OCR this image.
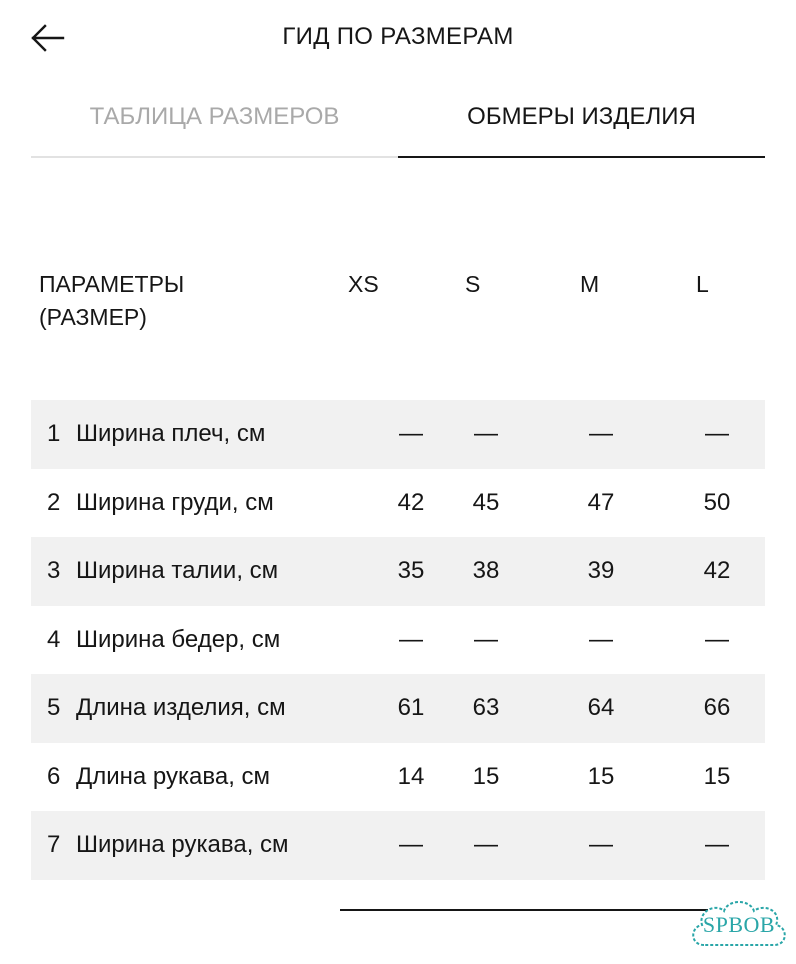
ГИД ПО РАЗМЕРАМ
ТАБЛИЦА РАЗМЕРОВ	ОБМЕРЫ ИЗДЕЛИЯ
ПАРАМЕТРЫ
(РАЗМЕР)
XS	S	M	L
1 Ширина плеч, см	—	—	—	—
2 Ширина груди, см	42	45	47	50
3 Ширина талии, см	35	38	39	42
4 Ширина бедер, см	—	—	—	—
5 Длина изделия, см	61	63	64	66
6 Длина рукава, см	14	15	15	15
7 Ширина рукава, см	—	—	—	—
SPBOB
